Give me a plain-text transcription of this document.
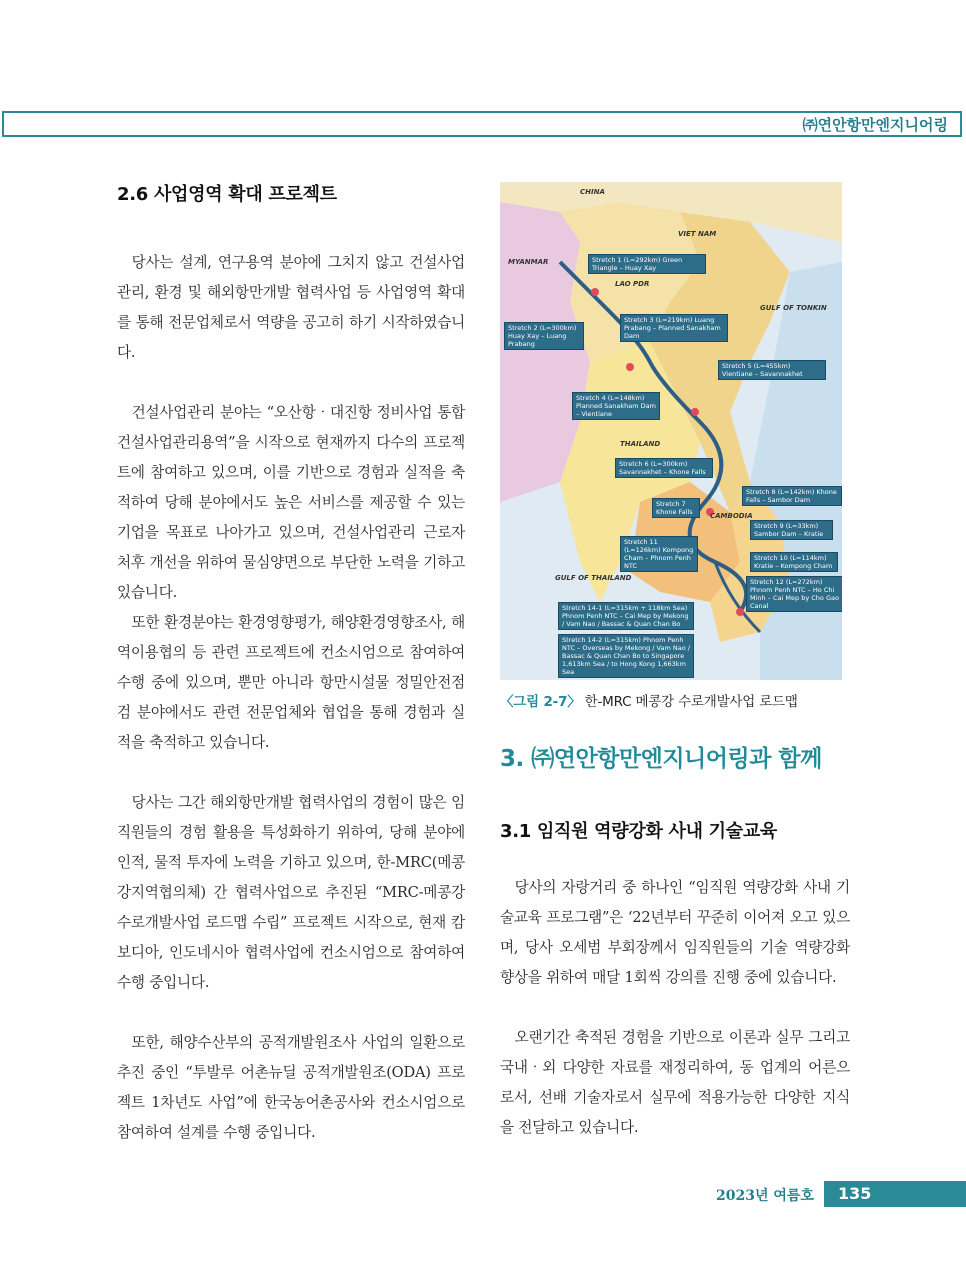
㈜연안항만엔지니어링
2.6 사업영역 확대 프로젝트

당사는 설계, 연구용역 분야에 그치지 않고 건설사업관리, 환경 및 해외항만개발 협력사업 등 사업영역 확대를 통해 전문업체로서 역량을 공고히 하기 시작하였습니다.

건설사업관리 분야는 “오산항‧대진항 정비사업 통합 건설사업관리용역”을 시작으로 현재까지 다수의 프로젝트에 참여하고 있으며, 이를 기반으로 경험과 실적을 축적하여 당해 분야에서도 높은 서비스를 제공할 수 있는 기업을 목표로 나아가고 있으며, 건설사업관리 근로자 처후 개선을 위하여 물심양면으로 부단한 노력을 기하고 있습니다.

또한 환경분야는 환경영향평가, 해양환경영향조사, 해역이용협의 등 관련 프로젝트에 컨소시엄으로 참여하여 수행 중에 있으며, 뿐만 아니라 항만시설물 정밀안전점검 분야에서도 관련 전문업체와 협업을 통해 경험과 실적을 축적하고 있습니다.

당사는 그간 해외항만개발 협력사업의 경험이 많은 임직원들의 경험 활용을 특성화하기 위하여, 당해 분야에 인적, 물적 투자에 노력을 기하고 있으며, 한-MRC(메콩강지역협의체) 간 협력사업으로 추진된 “MRC-메콩강 수로개발사업 로드맵 수립” 프로젝트 시작으로, 현재 캄보디아, 인도네시아 협력사업에 컨소시엄으로 참여하여 수행 중입니다.

또한, 해양수산부의 공적개발원조사 사업의 일환으로 추진 중인 “투발루 어촌뉴딜 공적개발원조(ODA) 프로젝트 1차년도 사업”에 한국농어촌공사와 컨소시엄으로 참여하여 설계를 수행 중입니다.

CHINA
VIET NAM
MYANMAR
LAO PDR
GULF OF TONKIN
THAILAND
CAMBODIA
GULF OF THAILAND
Stretch 1 (L=292km) Green Triangle – Huay Xay
Stretch 2 (L=300km) Huay Xay – Luang Prabang
Stretch 3 (L=219km) Luang Prabang – Planned Sanakham Dam
Stretch 4 (L=148km) Planned Sanakham Dam – Vientiane
Stretch 5 (L=455km) Vientiane – Savannakhet
Stretch 6 (L=300km) Savannakhet – Khone Falls
Stretch 7 Khone Falls
Stretch 8 (L=142km) Khone Falls – Sambor Dam
Stretch 9 (L=33km) Sambor Dam – Kratie
Stretch 10 (L=114km) Kratie – Kompong Cham
Stretch 11 (L=126km) Kompong Cham – Phnom Penh NTC
Stretch 12 (L=272km) Phnom Penh NTC – Ho Chi Minh – Cai Mep by Cho Gao Canal
Stretch 14-1 (L=315km + 118km Sea) Phnom Penh NTC – Cai Mep by Mekong / Vam Nao / Bassac & Quan Chan Bo
Stretch 14-2 (L=315km) Phnom Penh NTC – Overseas by Mekong / Vam Nao / Bassac & Quan Chan Bo to Singapore 1,613km Sea / to Hong Kong 1,663km Sea
〈그림 2-7〉 한-MRC 메콩강 수로개발사업 로드맵
3. ㈜연안항만엔지니어링과 함께
3.1 임직원 역량강화 사내 기술교육

당사의 자랑거리 중 하나인 “임직원 역량강화 사내 기술교육 프로그램”은 ‘22년부터 꾸준히 이어져 오고 있으며, 당사 오세범 부회장께서 임직원들의 기술 역량강화 향상을 위하여 매달 1회씩 강의를 진행 중에 있습니다.

오랜기간 축적된 경험을 기반으로 이론과 실무 그리고 국내‧외 다양한 자료를 재정리하여, 동 업계의 어른으로서, 선배 기술자로서 실무에 적용가능한 다양한 지식을 전달하고 있습니다.

2023년 여름호 135
